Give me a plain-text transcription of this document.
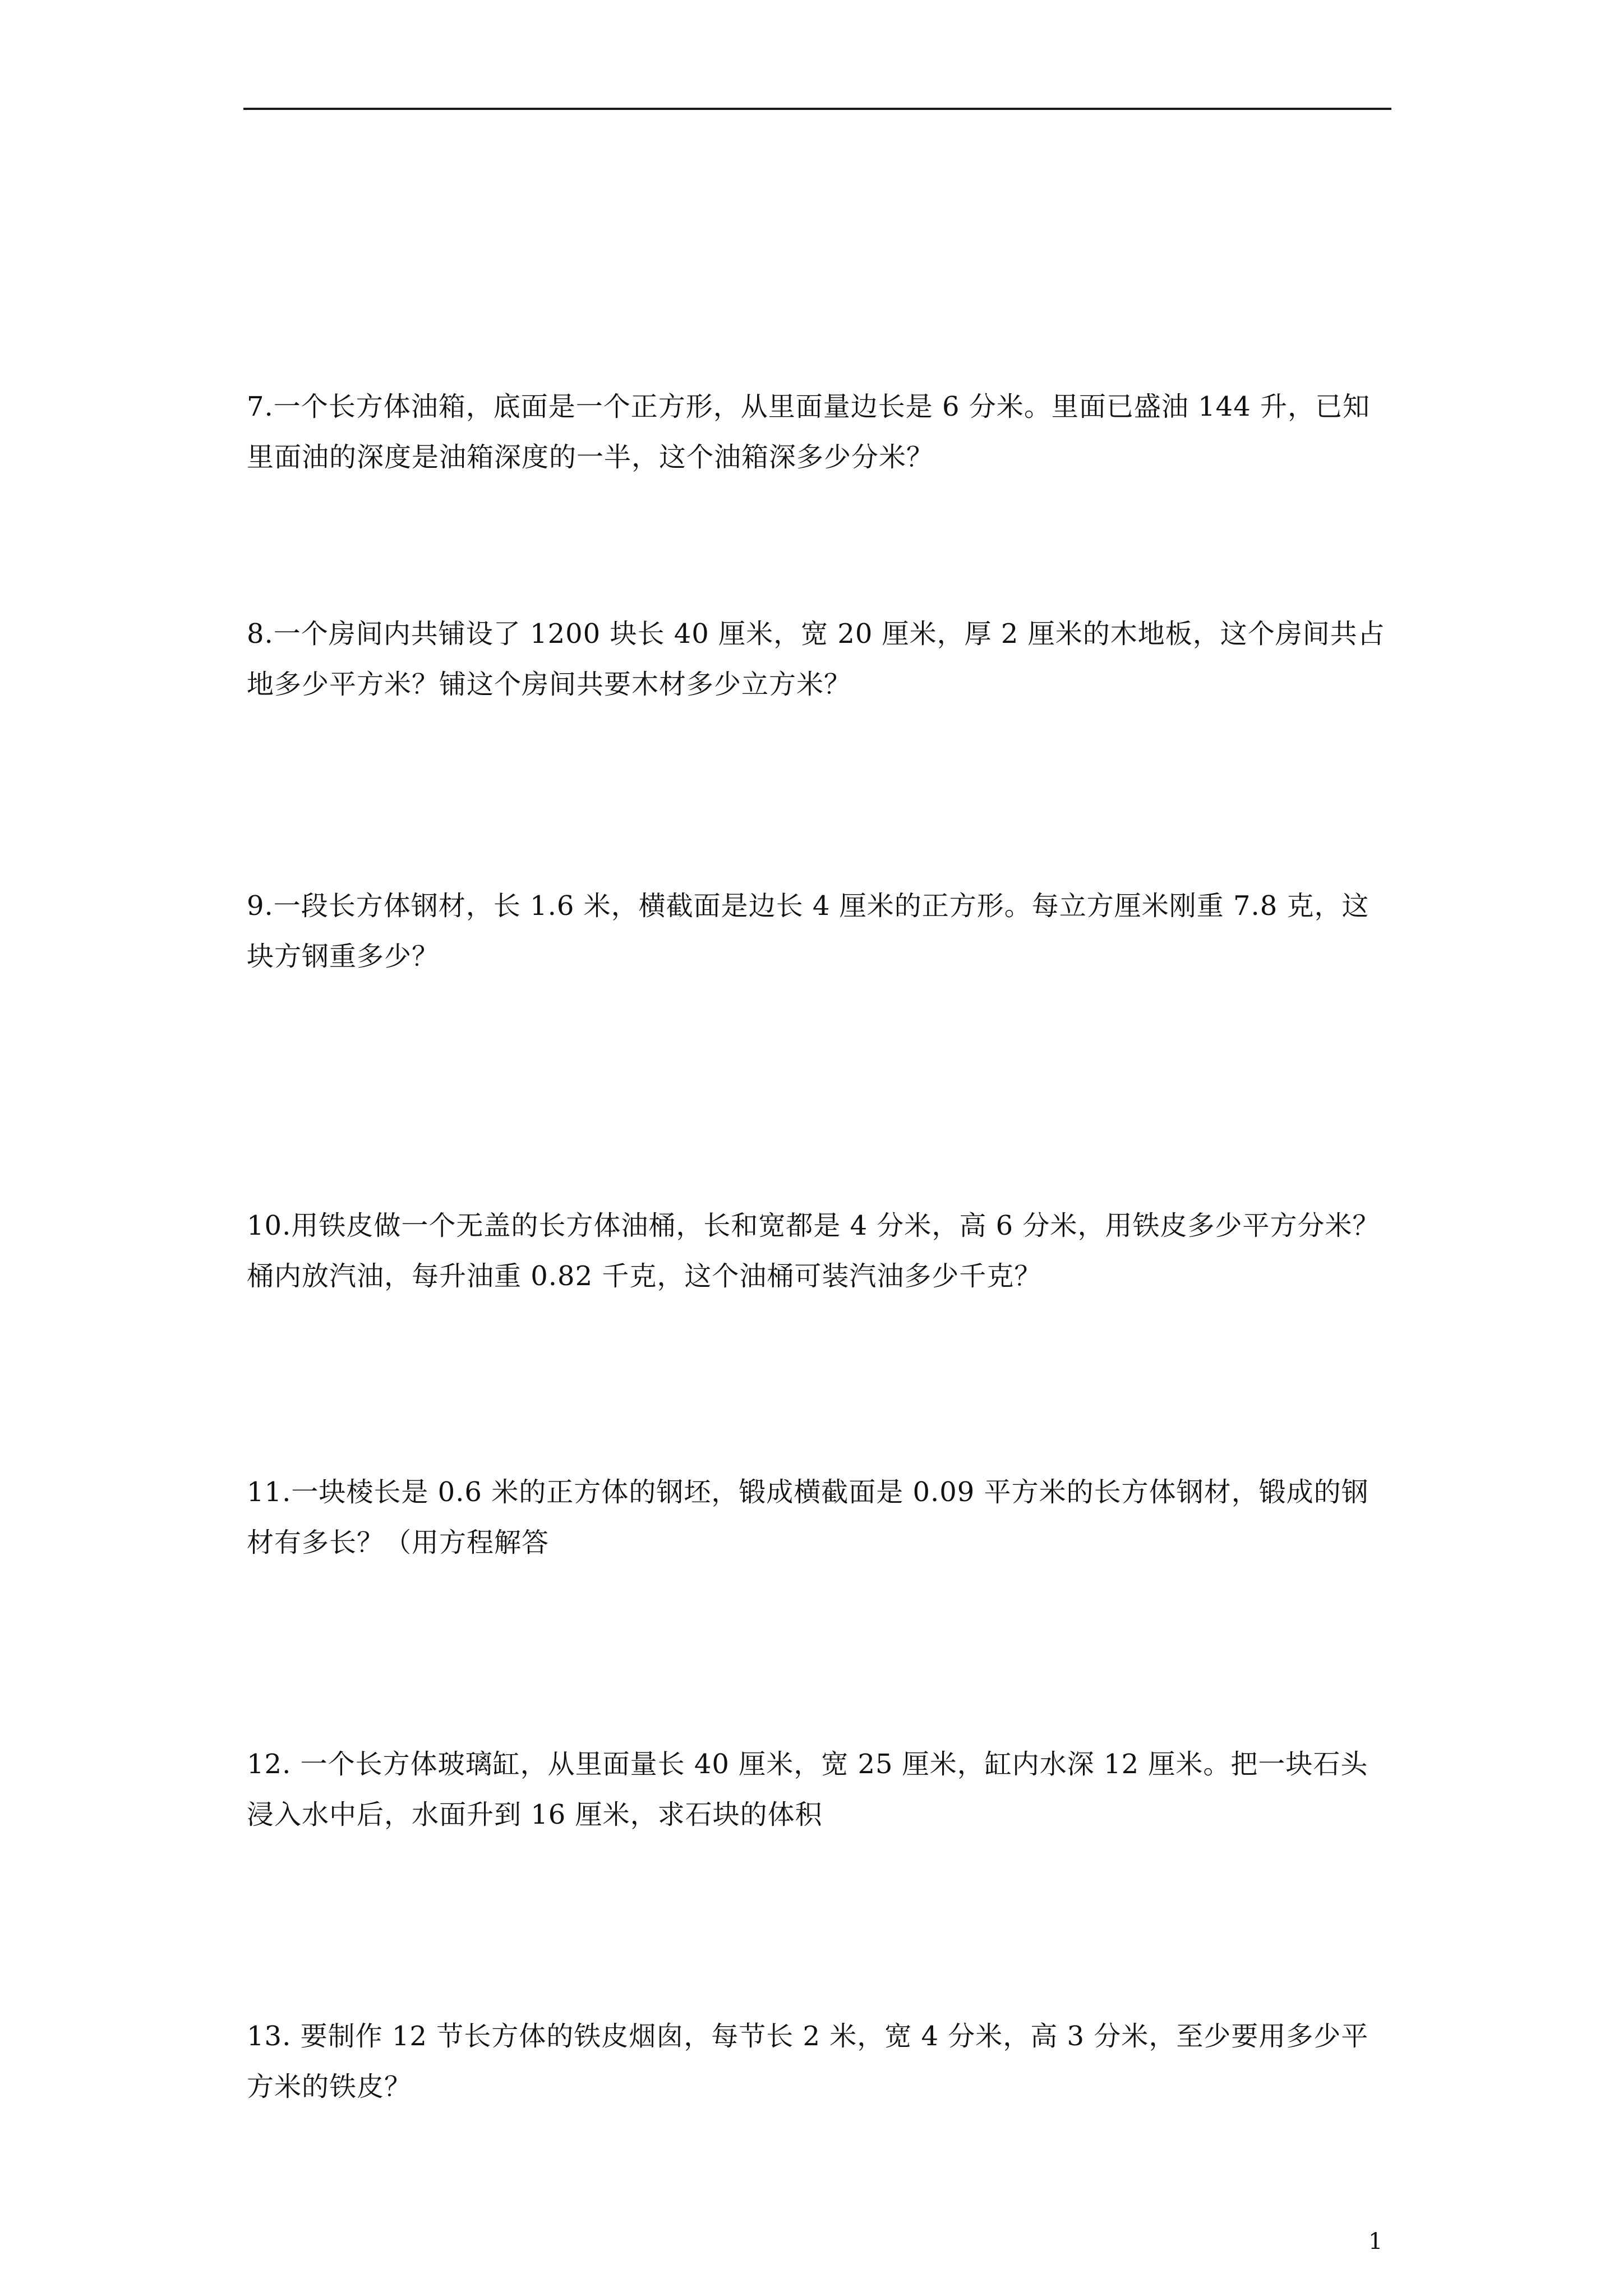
7.一个长方体油箱，底面是一个正方形，从里面量边长是 6 分米。里面已盛油 144 升，已知
里面油的深度是油箱深度的一半，这个油箱深多少分米？

8.一个房间内共铺设了 1200 块长 40 厘米，宽 20 厘米，厚 2 厘米的木地板，这个房间共占
地多少平方米？铺这个房间共要木材多少立方米？

9.一段长方体钢材，长 1.6 米，横截面是边长 4 厘米的正方形。每立方厘米刚重 7.8 克，这
块方钢重多少？

10.用铁皮做一个无盖的长方体油桶，长和宽都是 4 分米，高 6 分米，用铁皮多少平方分米？
桶内放汽油，每升油重 0.82 千克，这个油桶可装汽油多少千克？

11.一块棱长是 0.6 米的正方体的钢坯，锻成横截面是 0.09 平方米的长方体钢材，锻成的钢
材有多长？（用方程解答

12. 一个长方体玻璃缸，从里面量长 40 厘米，宽 25 厘米，缸内水深 12 厘米。把一块石头
浸入水中后，水面升到 16 厘米，求石块的体积

13. 要制作 12 节长方体的铁皮烟囱，每节长 2 米，宽 4 分米，高 3 分米，至少要用多少平
方米的铁皮？

1
